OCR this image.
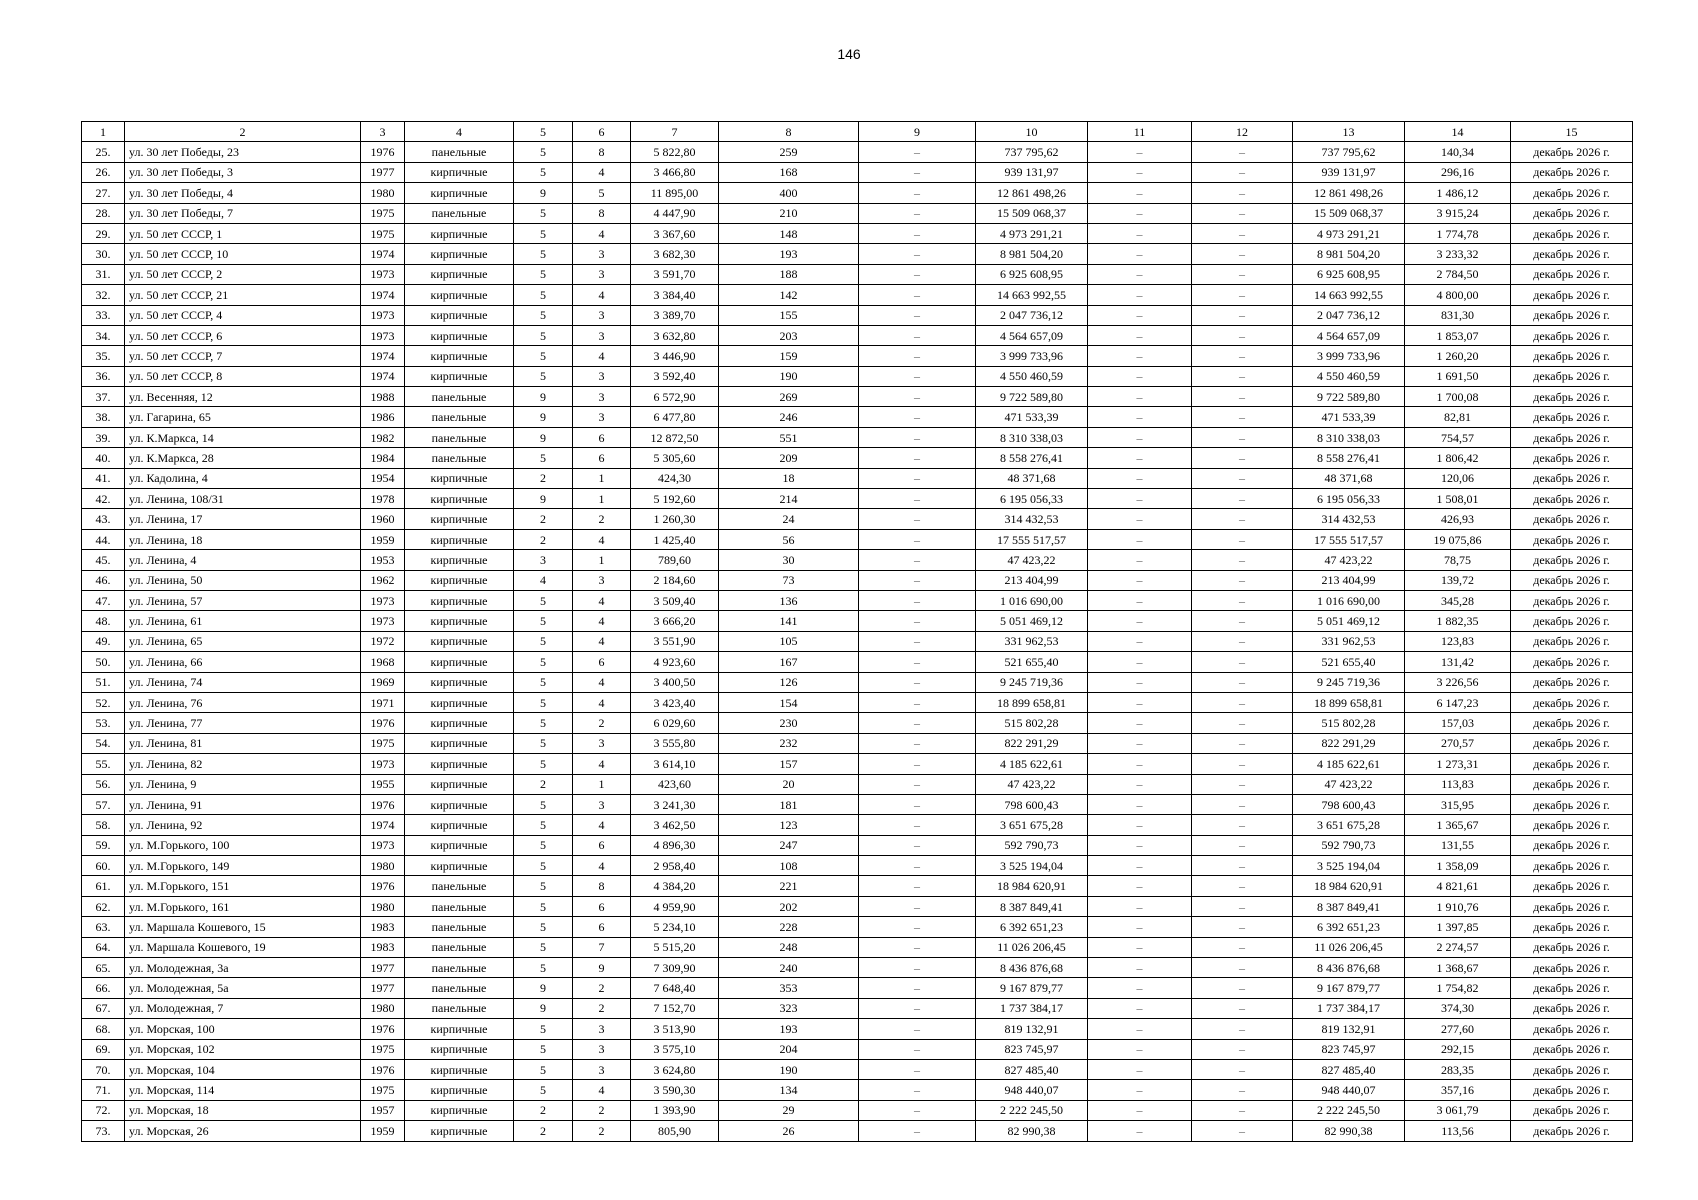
146
1	2	3	4	5	6	7	8	9	10	11	12	13	14	15
25.	ул. 30 лет Победы, 23	1976	панельные	5	8	5 822,80	259	–	737 795,62	–	–	737 795,62	140,34	декабрь 2026 г.
26.	ул. 30 лет Победы, 3	1977	кирпичные	5	4	3 466,80	168	–	939 131,97	–	–	939 131,97	296,16	декабрь 2026 г.
27.	ул. 30 лет Победы, 4	1980	кирпичные	9	5	11 895,00	400	–	12 861 498,26	–	–	12 861 498,26	1 486,12	декабрь 2026 г.
28.	ул. 30 лет Победы, 7	1975	панельные	5	8	4 447,90	210	–	15 509 068,37	–	–	15 509 068,37	3 915,24	декабрь 2026 г.
29.	ул. 50 лет СССР, 1	1975	кирпичные	5	4	3 367,60	148	–	4 973 291,21	–	–	4 973 291,21	1 774,78	декабрь 2026 г.
30.	ул. 50 лет СССР, 10	1974	кирпичные	5	3	3 682,30	193	–	8 981 504,20	–	–	8 981 504,20	3 233,32	декабрь 2026 г.
31.	ул. 50 лет СССР, 2	1973	кирпичные	5	3	3 591,70	188	–	6 925 608,95	–	–	6 925 608,95	2 784,50	декабрь 2026 г.
32.	ул. 50 лет СССР, 21	1974	кирпичные	5	4	3 384,40	142	–	14 663 992,55	–	–	14 663 992,55	4 800,00	декабрь 2026 г.
33.	ул. 50 лет СССР, 4	1973	кирпичные	5	3	3 389,70	155	–	2 047 736,12	–	–	2 047 736,12	831,30	декабрь 2026 г.
34.	ул. 50 лет СССР, 6	1973	кирпичные	5	3	3 632,80	203	–	4 564 657,09	–	–	4 564 657,09	1 853,07	декабрь 2026 г.
35.	ул. 50 лет СССР, 7	1974	кирпичные	5	4	3 446,90	159	–	3 999 733,96	–	–	3 999 733,96	1 260,20	декабрь 2026 г.
36.	ул. 50 лет СССР, 8	1974	кирпичные	5	3	3 592,40	190	–	4 550 460,59	–	–	4 550 460,59	1 691,50	декабрь 2026 г.
37.	ул. Весенняя, 12	1988	панельные	9	3	6 572,90	269	–	9 722 589,80	–	–	9 722 589,80	1 700,08	декабрь 2026 г.
38.	ул. Гагарина, 65	1986	панельные	9	3	6 477,80	246	–	471 533,39	–	–	471 533,39	82,81	декабрь 2026 г.
39.	ул. К.Маркса, 14	1982	панельные	9	6	12 872,50	551	–	8 310 338,03	–	–	8 310 338,03	754,57	декабрь 2026 г.
40.	ул. К.Маркса, 28	1984	панельные	5	6	5 305,60	209	–	8 558 276,41	–	–	8 558 276,41	1 806,42	декабрь 2026 г.
41.	ул. Кадолина, 4	1954	кирпичные	2	1	424,30	18	–	48 371,68	–	–	48 371,68	120,06	декабрь 2026 г.
42.	ул. Ленина, 108/31	1978	кирпичные	9	1	5 192,60	214	–	6 195 056,33	–	–	6 195 056,33	1 508,01	декабрь 2026 г.
43.	ул. Ленина, 17	1960	кирпичные	2	2	1 260,30	24	–	314 432,53	–	–	314 432,53	426,93	декабрь 2026 г.
44.	ул. Ленина, 18	1959	кирпичные	2	4	1 425,40	56	–	17 555 517,57	–	–	17 555 517,57	19 075,86	декабрь 2026 г.
45.	ул. Ленина, 4	1953	кирпичные	3	1	789,60	30	–	47 423,22	–	–	47 423,22	78,75	декабрь 2026 г.
46.	ул. Ленина, 50	1962	кирпичные	4	3	2 184,60	73	–	213 404,99	–	–	213 404,99	139,72	декабрь 2026 г.
47.	ул. Ленина, 57	1973	кирпичные	5	4	3 509,40	136	–	1 016 690,00	–	–	1 016 690,00	345,28	декабрь 2026 г.
48.	ул. Ленина, 61	1973	кирпичные	5	4	3 666,20	141	–	5 051 469,12	–	–	5 051 469,12	1 882,35	декабрь 2026 г.
49.	ул. Ленина, 65	1972	кирпичные	5	4	3 551,90	105	–	331 962,53	–	–	331 962,53	123,83	декабрь 2026 г.
50.	ул. Ленина, 66	1968	кирпичные	5	6	4 923,60	167	–	521 655,40	–	–	521 655,40	131,42	декабрь 2026 г.
51.	ул. Ленина, 74	1969	кирпичные	5	4	3 400,50	126	–	9 245 719,36	–	–	9 245 719,36	3 226,56	декабрь 2026 г.
52.	ул. Ленина, 76	1971	кирпичные	5	4	3 423,40	154	–	18 899 658,81	–	–	18 899 658,81	6 147,23	декабрь 2026 г.
53.	ул. Ленина, 77	1976	кирпичные	5	2	6 029,60	230	–	515 802,28	–	–	515 802,28	157,03	декабрь 2026 г.
54.	ул. Ленина, 81	1975	кирпичные	5	3	3 555,80	232	–	822 291,29	–	–	822 291,29	270,57	декабрь 2026 г.
55.	ул. Ленина, 82	1973	кирпичные	5	4	3 614,10	157	–	4 185 622,61	–	–	4 185 622,61	1 273,31	декабрь 2026 г.
56.	ул. Ленина, 9	1955	кирпичные	2	1	423,60	20	–	47 423,22	–	–	47 423,22	113,83	декабрь 2026 г.
57.	ул. Ленина, 91	1976	кирпичные	5	3	3 241,30	181	–	798 600,43	–	–	798 600,43	315,95	декабрь 2026 г.
58.	ул. Ленина, 92	1974	кирпичные	5	4	3 462,50	123	–	3 651 675,28	–	–	3 651 675,28	1 365,67	декабрь 2026 г.
59.	ул. М.Горького, 100	1973	кирпичные	5	6	4 896,30	247	–	592 790,73	–	–	592 790,73	131,55	декабрь 2026 г.
60.	ул. М.Горького, 149	1980	кирпичные	5	4	2 958,40	108	–	3 525 194,04	–	–	3 525 194,04	1 358,09	декабрь 2026 г.
61.	ул. М.Горького, 151	1976	панельные	5	8	4 384,20	221	–	18 984 620,91	–	–	18 984 620,91	4 821,61	декабрь 2026 г.
62.	ул. М.Горького, 161	1980	панельные	5	6	4 959,90	202	–	8 387 849,41	–	–	8 387 849,41	1 910,76	декабрь 2026 г.
63.	ул. Маршала Кошевого, 15	1983	панельные	5	6	5 234,10	228	–	6 392 651,23	–	–	6 392 651,23	1 397,85	декабрь 2026 г.
64.	ул. Маршала Кошевого, 19	1983	панельные	5	7	5 515,20	248	–	11 026 206,45	–	–	11 026 206,45	2 274,57	декабрь 2026 г.
65.	ул. Молодежная, 3а	1977	панельные	5	9	7 309,90	240	–	8 436 876,68	–	–	8 436 876,68	1 368,67	декабрь 2026 г.
66.	ул. Молодежная, 5а	1977	панельные	9	2	7 648,40	353	–	9 167 879,77	–	–	9 167 879,77	1 754,82	декабрь 2026 г.
67.	ул. Молодежная, 7	1980	панельные	9	2	7 152,70	323	–	1 737 384,17	–	–	1 737 384,17	374,30	декабрь 2026 г.
68.	ул. Морская, 100	1976	кирпичные	5	3	3 513,90	193	–	819 132,91	–	–	819 132,91	277,60	декабрь 2026 г.
69.	ул. Морская, 102	1975	кирпичные	5	3	3 575,10	204	–	823 745,97	–	–	823 745,97	292,15	декабрь 2026 г.
70.	ул. Морская, 104	1976	кирпичные	5	3	3 624,80	190	–	827 485,40	–	–	827 485,40	283,35	декабрь 2026 г.
71.	ул. Морская, 114	1975	кирпичные	5	4	3 590,30	134	–	948 440,07	–	–	948 440,07	357,16	декабрь 2026 г.
72.	ул. Морская, 18	1957	кирпичные	2	2	1 393,90	29	–	2 222 245,50	–	–	2 222 245,50	3 061,79	декабрь 2026 г.
73.	ул. Морская, 26	1959	кирпичные	2	2	805,90	26	–	82 990,38	–	–	82 990,38	113,56	декабрь 2026 г.
